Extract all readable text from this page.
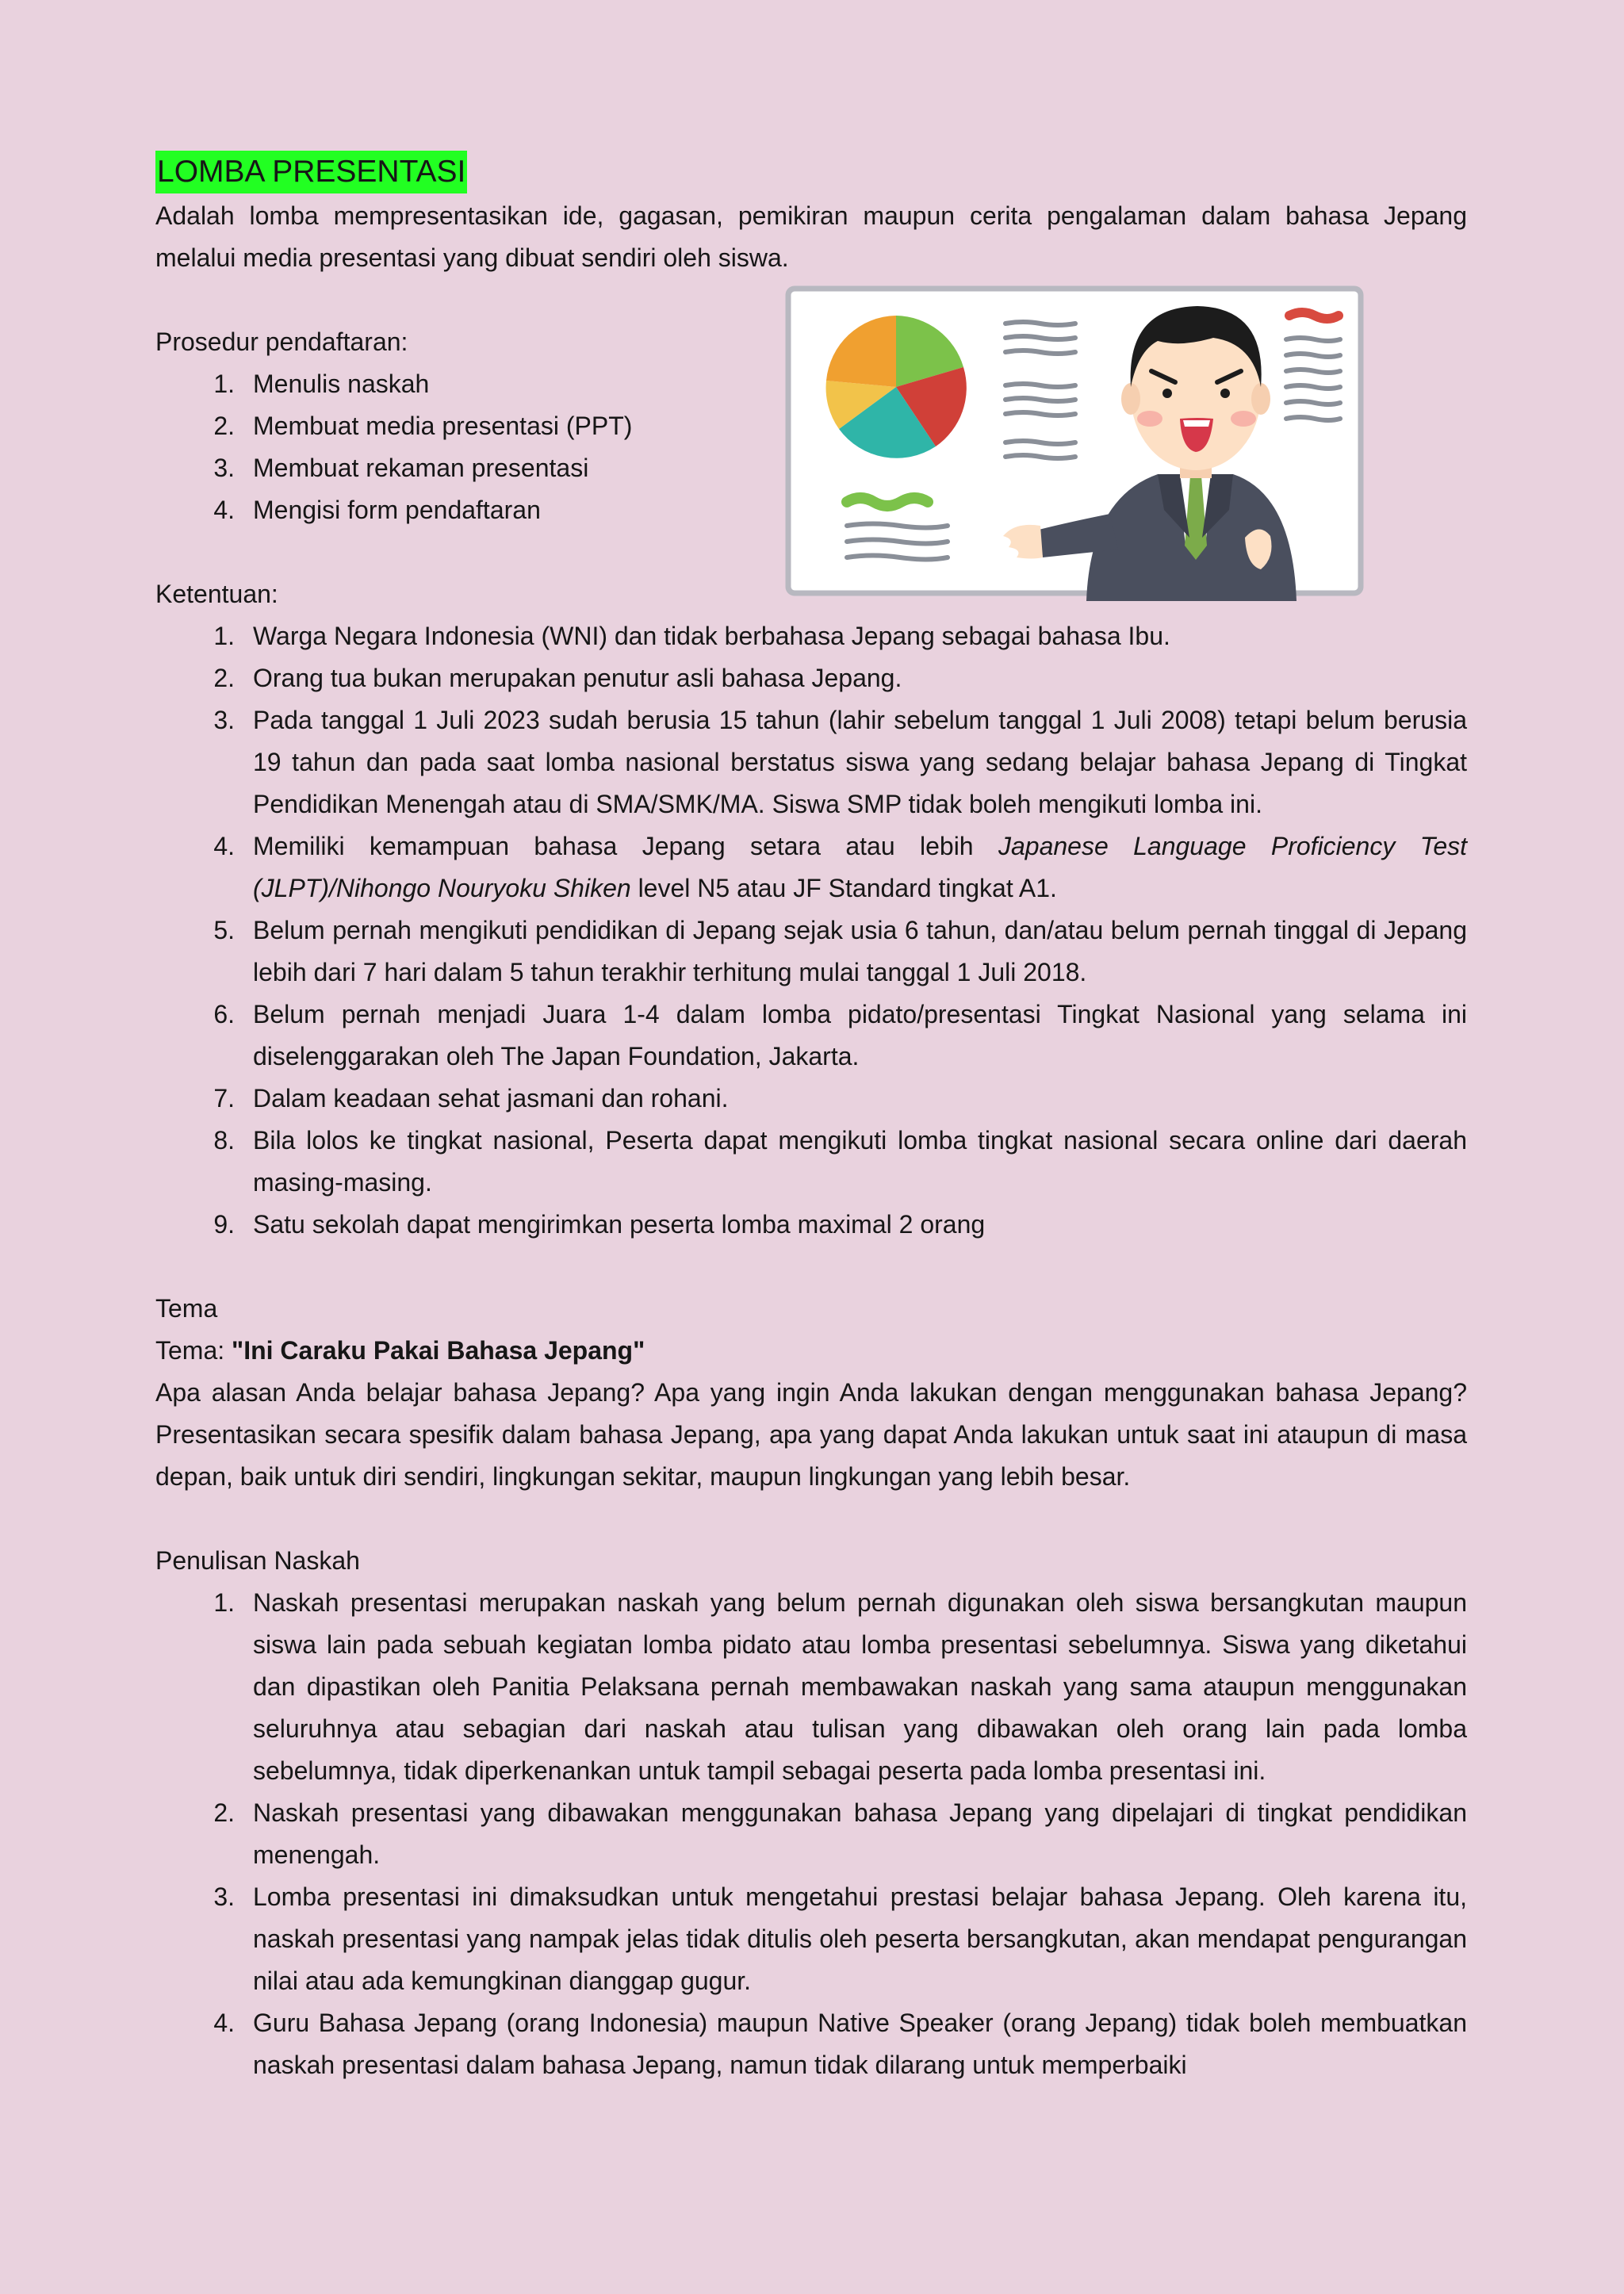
LOMBA PRESENTASI

Adalah lomba mempresentasikan ide, gagasan, pemikiran maupun cerita pengalaman dalam bahasa Jepang melalui media presentasi yang dibuat sendiri oleh siswa.

Prosedur pendaftaran:

1. Menulis naskah
2. Membuat media presentasi (PPT)
3. Membuat rekaman presentasi
4. Mengisi form pendaftaran

Ketentuan:

1. Warga Negara Indonesia (WNI) dan tidak berbahasa Jepang sebagai bahasa Ibu.
2. Orang tua bukan merupakan penutur asli bahasa Jepang.
3. Pada tanggal 1 Juli 2023 sudah berusia 15 tahun (lahir sebelum tanggal 1 Juli 2008) tetapi belum berusia 19 tahun dan pada saat lomba nasional berstatus siswa yang sedang belajar bahasa Jepang di Tingkat Pendidikan Menengah atau di SMA/SMK/MA. Siswa SMP tidak boleh mengikuti lomba ini.
4. Memiliki kemampuan bahasa Jepang setara atau lebih Japanese Language Proficiency Test (JLPT)/Nihongo Nouryoku Shiken level N5 atau JF Standard tingkat A1.
5. Belum pernah mengikuti pendidikan di Jepang sejak usia 6 tahun, dan/atau belum pernah tinggal di Jepang lebih dari 7 hari dalam 5 tahun terakhir terhitung mulai tanggal 1 Juli 2018.
6. Belum pernah menjadi Juara 1-4 dalam lomba pidato/presentasi Tingkat Nasional yang selama ini diselenggarakan oleh The Japan Foundation, Jakarta.
7. Dalam keadaan sehat jasmani dan rohani.
8. Bila lolos ke tingkat nasional, Peserta dapat mengikuti lomba tingkat nasional secara online dari daerah masing-masing.
9. Satu sekolah dapat mengirimkan peserta lomba maximal 2 orang

Tema

Tema: "Ini Caraku Pakai Bahasa Jepang"

Apa alasan Anda belajar bahasa Jepang? Apa yang ingin Anda lakukan dengan menggunakan bahasa Jepang? Presentasikan secara spesifik dalam bahasa Jepang, apa yang dapat Anda lakukan untuk saat ini ataupun di masa depan, baik untuk diri sendiri, lingkungan sekitar, maupun lingkungan yang lebih besar.

Penulisan Naskah

1. Naskah presentasi merupakan naskah yang belum pernah digunakan oleh siswa bersangkutan maupun siswa lain pada sebuah kegiatan lomba pidato atau lomba presentasi sebelumnya. Siswa yang diketahui dan dipastikan oleh Panitia Pelaksana pernah membawakan naskah yang sama ataupun menggunakan seluruhnya atau sebagian dari naskah atau tulisan yang dibawakan oleh orang lain pada lomba sebelumnya, tidak diperkenankan untuk tampil sebagai peserta pada lomba presentasi ini.
2. Naskah presentasi yang dibawakan menggunakan bahasa Jepang yang dipelajari di tingkat pendidikan menengah.
3. Lomba presentasi ini dimaksudkan untuk mengetahui prestasi belajar bahasa Jepang. Oleh karena itu, naskah presentasi yang nampak jelas tidak ditulis oleh peserta bersangkutan, akan mendapat pengurangan nilai atau ada kemungkinan dianggap gugur.
4. Guru Bahasa Jepang (orang Indonesia) maupun Native Speaker (orang Jepang) tidak boleh membuatkan naskah presentasi dalam bahasa Jepang, namun tidak dilarang untuk memperbaiki
